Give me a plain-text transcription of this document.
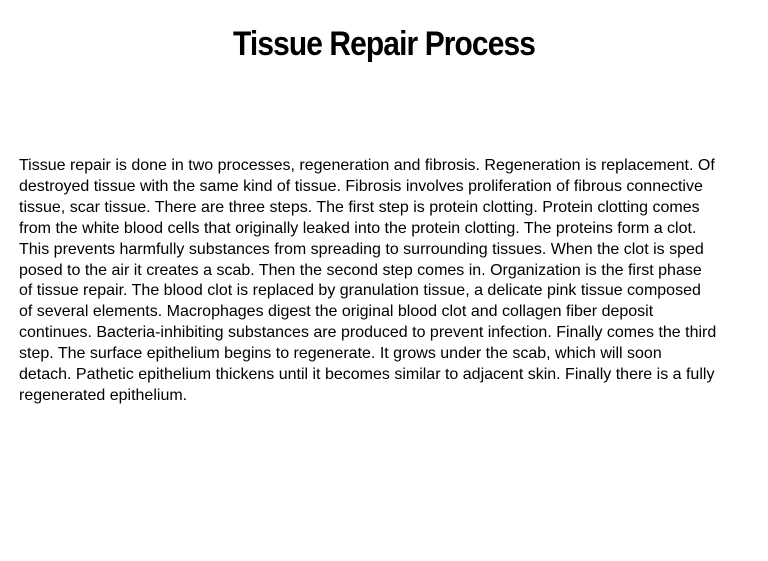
Tissue Repair Process
Tissue repair is done in two processes, regeneration and fibrosis. Regeneration is replacement. Of
destroyed tissue with the same kind of tissue. Fibrosis involves proliferation of fibrous connective
tissue, scar tissue. There are three steps. The first step is protein clotting. Protein clotting comes
from the white blood cells that originally leaked into the protein clotting. The proteins form a clot.
This prevents harmfully substances from spreading to surrounding tissues. When the clot is sped
posed to the air it creates a scab. Then the second step comes in. Organization is the first phase
of tissue repair. The blood clot is replaced by granulation tissue, a delicate pink tissue composed
of several elements. Macrophages digest the original blood clot and collagen fiber deposit
continues. Bacteria-inhibiting substances are produced to prevent infection. Finally comes the third
step. The surface epithelium begins to regenerate. It grows under the scab, which will soon
detach. Pathetic epithelium thickens until it becomes similar to adjacent skin. Finally there is a fully
regenerated epithelium.
